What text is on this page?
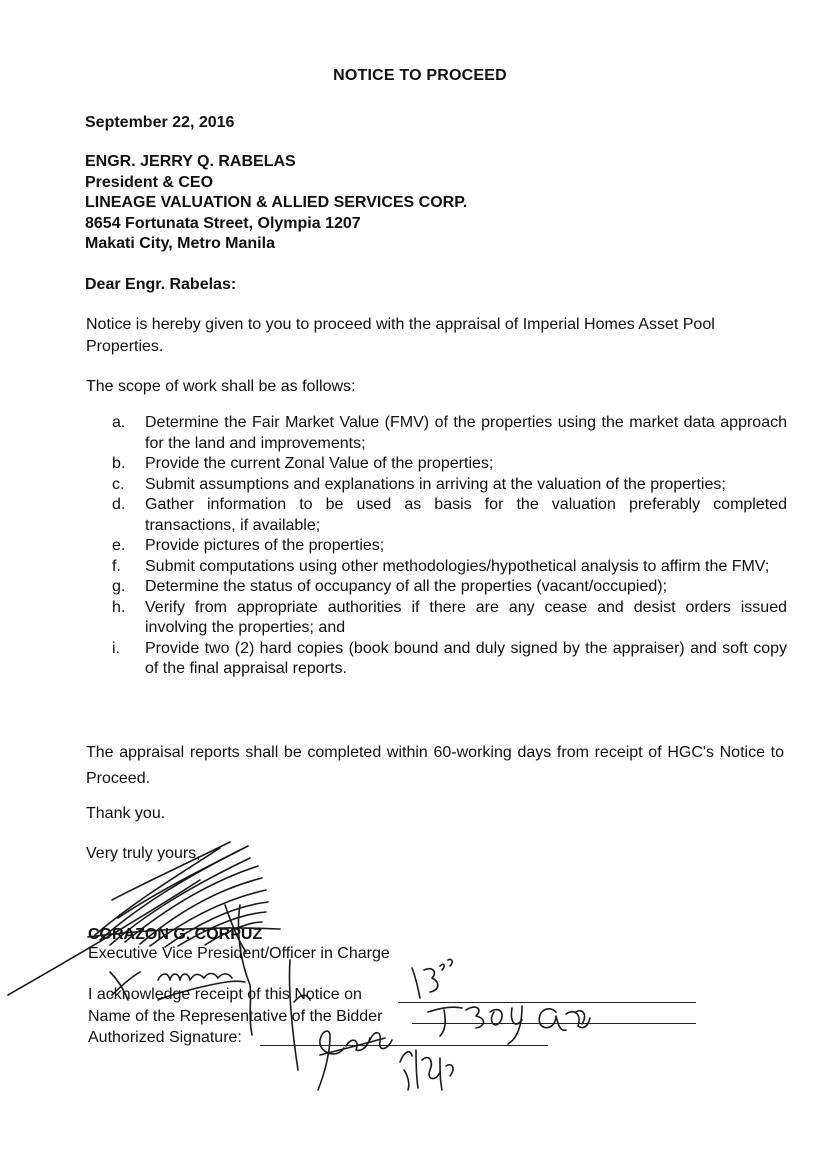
NOTICE TO PROCEED
September 22, 2016
ENGR. JERRY Q. RABELAS
President & CEO
LINEAGE VALUATION & ALLIED SERVICES CORP.
8654 Fortunata Street, Olympia 1207
Makati City, Metro Manila
Dear Engr. Rabelas:
Notice is hereby given to you to proceed with the appraisal of Imperial Homes Asset Pool Properties.
The scope of work shall be as follows:
a.	Determine the Fair Market Value (FMV) of the properties using the market data approach for the land and improvements;
b.	Provide the current Zonal Value of the properties;
c.	Submit assumptions and explanations in arriving at the valuation of the properties;
d.	Gather information to be used as basis for the valuation preferably completed transactions, if available;
e.	Provide pictures of the properties;
f.	Submit computations using other methodologies/hypothetical analysis to affirm the FMV;
g.	Determine the status of occupancy of all the properties (vacant/occupied);
h.	Verify from appropriate authorities if there are any cease and desist orders issued involving the properties; and
i.	Provide two (2) hard copies (book bound and duly signed by the appraiser) and soft copy of the final appraisal reports.
The appraisal reports shall be completed within 60-working days from receipt of HGC's Notice to Proceed.
Thank you.
Very truly yours,
CORAZON G. CORPUZ
Executive Vice President/Officer in Charge
I acknowledge receipt of this Notice on
Name of the Representative of the Bidder
Authorized Signature:
